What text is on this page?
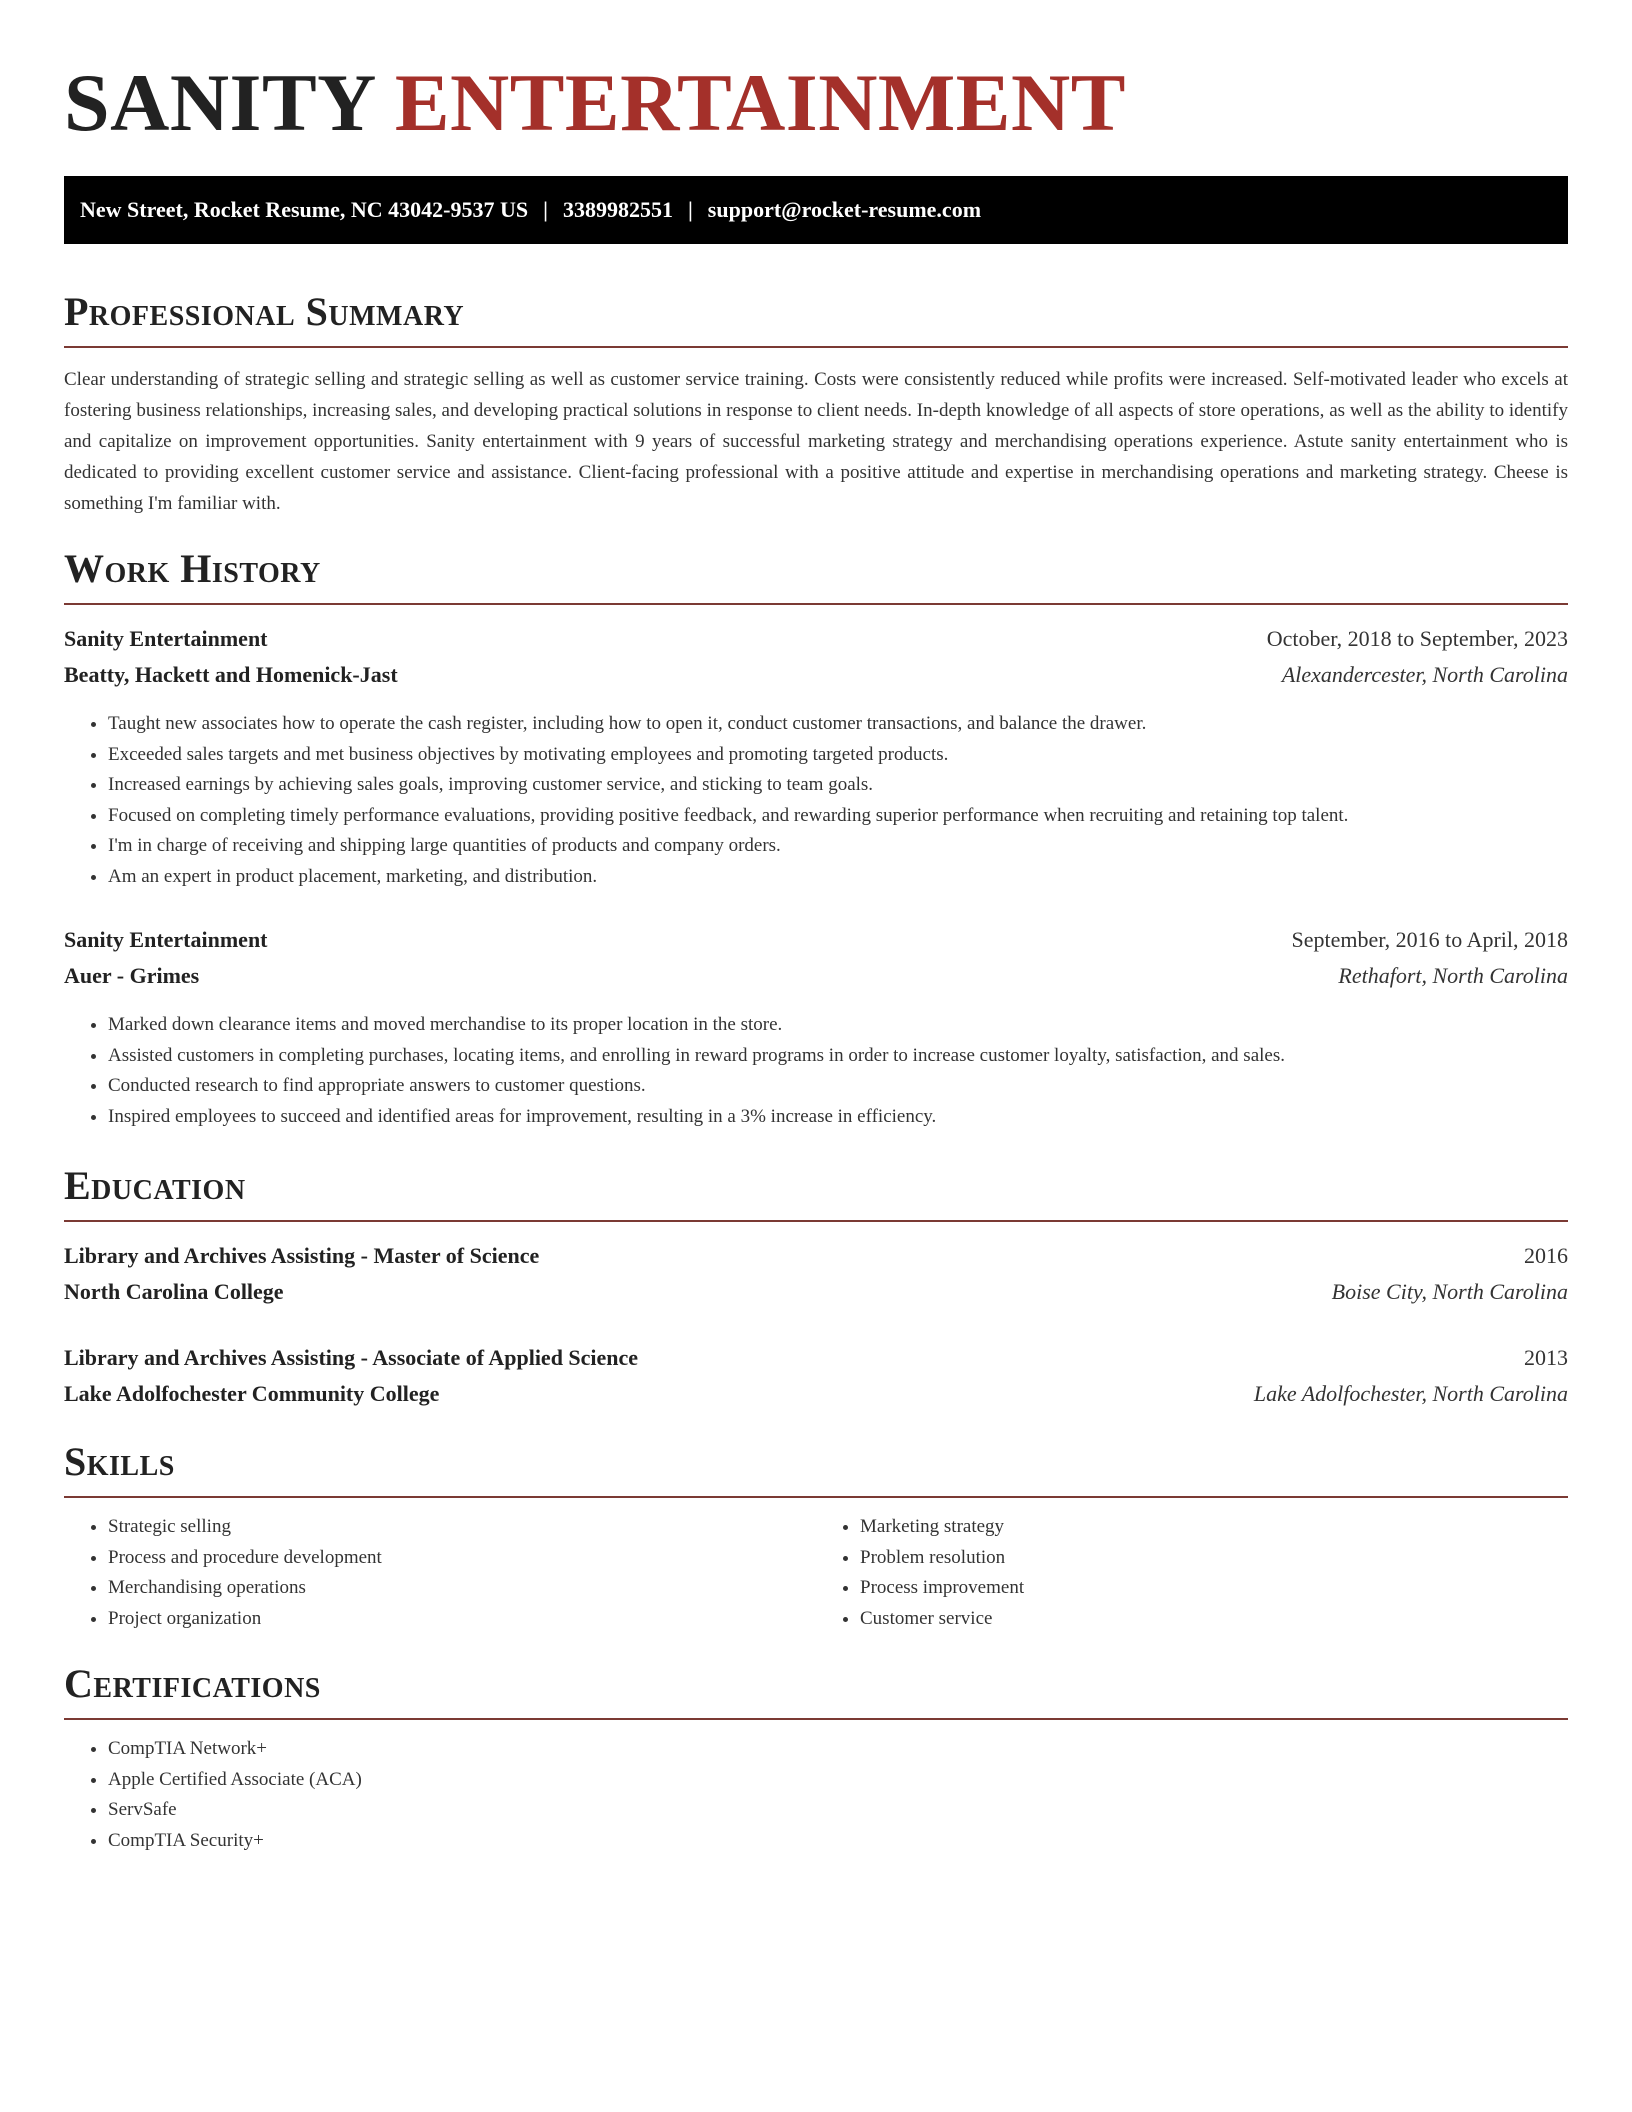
SANITY ENTERTAINMENT
New Street, Rocket Resume, NC 43042-9537 US | 3389982551 | support@rocket-resume.com
Professional Summary

Clear understanding of strategic selling and strategic selling as well as customer service training. Costs were consistently reduced while profits were increased. Self-motivated leader who excels at fostering business relationships, increasing sales, and developing practical solutions in response to client needs. In-depth knowledge of all aspects of store operations, as well as the ability to identify and capitalize on improvement opportunities. Sanity entertainment with 9 years of successful marketing strategy and merchandising operations experience. Astute sanity entertainment who is dedicated to providing excellent customer service and assistance. Client-facing professional with a positive attitude and expertise in merchandising operations and marketing strategy. Cheese is something I'm familiar with.

Work History
Sanity Entertainment	October, 2018 to September, 2023
Beatty, Hackett and Homenick-Jast	Alexandercester, North Carolina
• Taught new associates how to operate the cash register, including how to open it, conduct customer transactions, and balance the drawer.
• Exceeded sales targets and met business objectives by motivating employees and promoting targeted products.
• Increased earnings by achieving sales goals, improving customer service, and sticking to team goals.
• Focused on completing timely performance evaluations, providing positive feedback, and rewarding superior performance when recruiting and retaining top talent.
• I'm in charge of receiving and shipping large quantities of products and company orders.
• Am an expert in product placement, marketing, and distribution.
Sanity Entertainment	September, 2016 to April, 2018
Auer - Grimes	Rethafort, North Carolina
• Marked down clearance items and moved merchandise to its proper location in the store.
• Assisted customers in completing purchases, locating items, and enrolling in reward programs in order to increase customer loyalty, satisfaction, and sales.
• Conducted research to find appropriate answers to customer questions.
• Inspired employees to succeed and identified areas for improvement, resulting in a 3% increase in efficiency.
Education
Library and Archives Assisting - Master of Science	2016
North Carolina College	Boise City, North Carolina
Library and Archives Assisting - Associate of Applied Science	2013
Lake Adolfochester Community College	Lake Adolfochester, North Carolina
Skills
• Strategic selling
• Process and procedure development
• Merchandising operations
• Project organization
• Marketing strategy
• Problem resolution
• Process improvement
• Customer service
Certifications
• CompTIA Network+
• Apple Certified Associate (ACA)
• ServSafe
• CompTIA Security+
